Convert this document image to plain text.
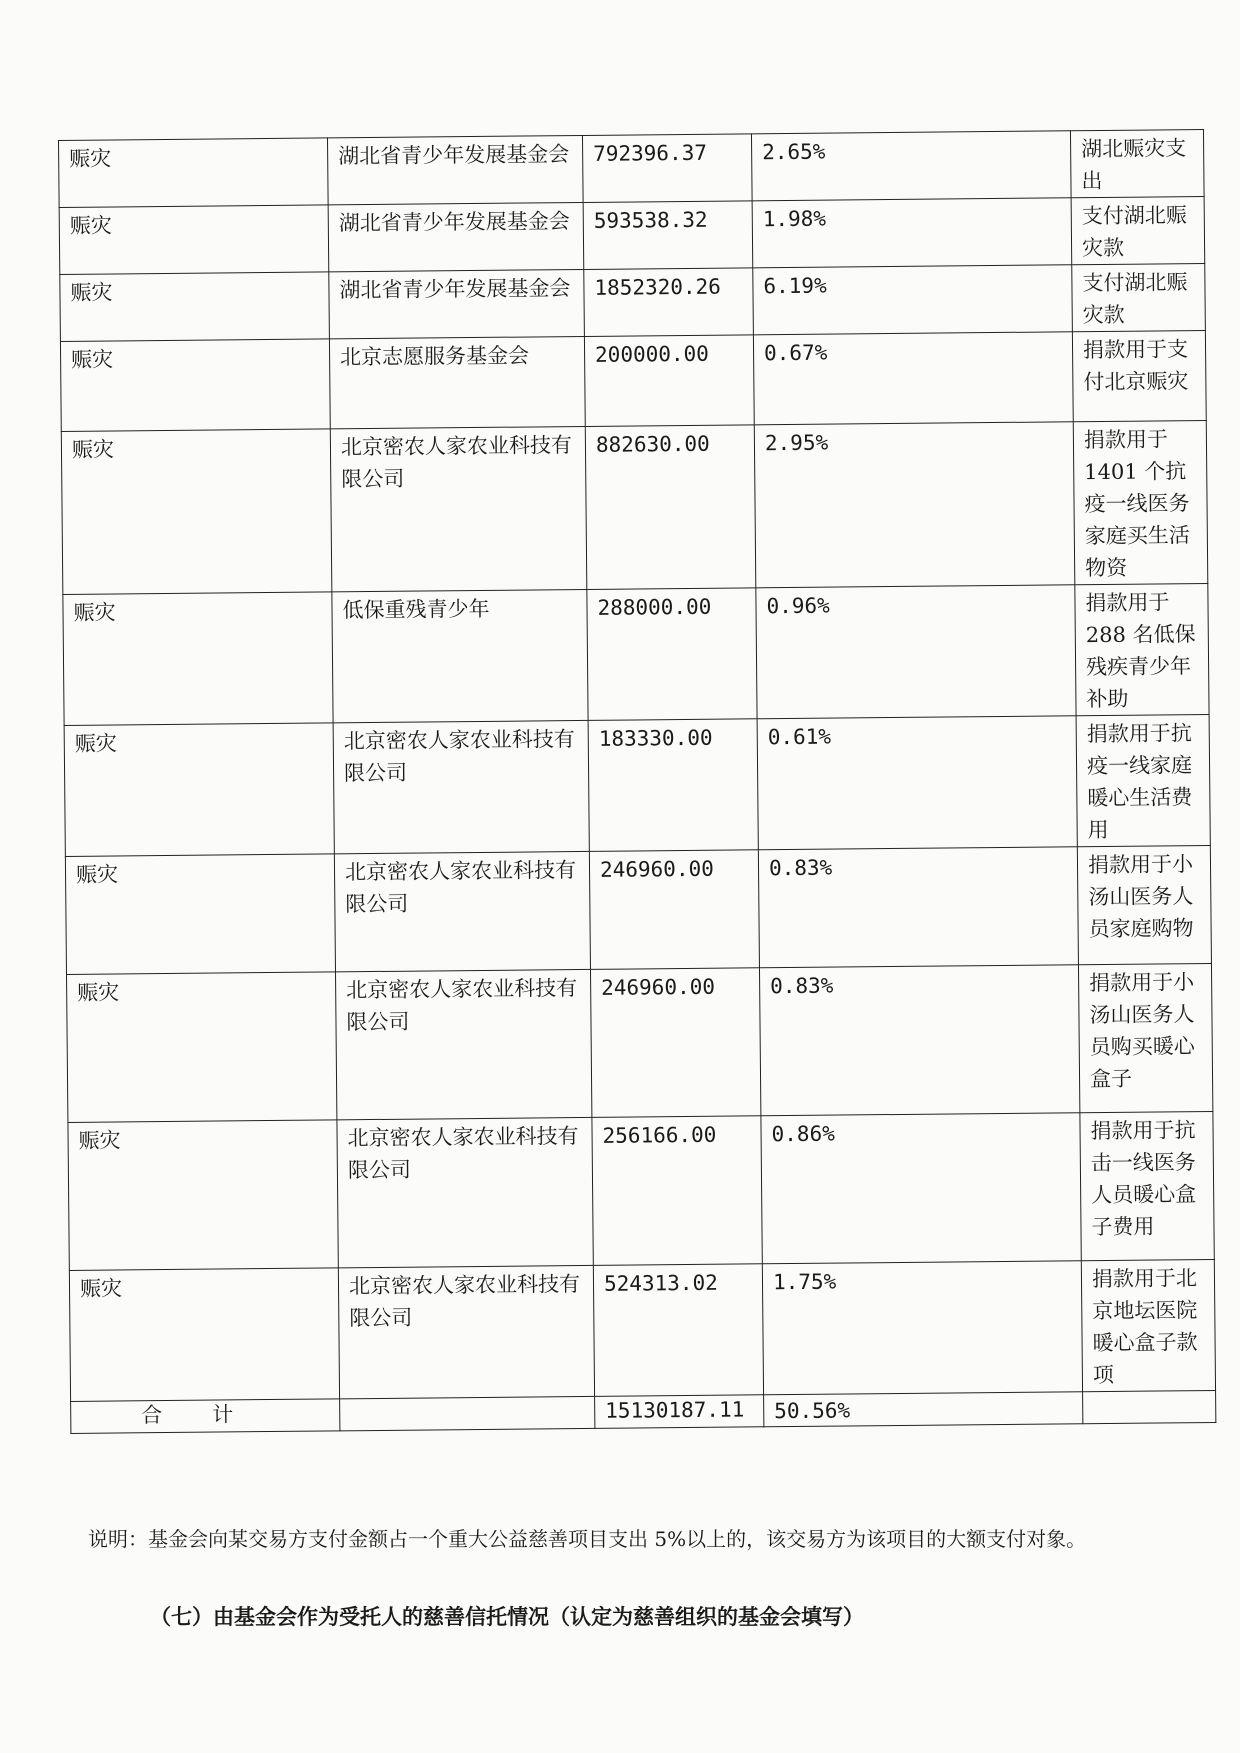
赈灾	湖北省青少年发展基金会	792396.37	2.65%	湖北赈灾支出
赈灾	湖北省青少年发展基金会	593538.32	1.98%	支付湖北赈灾款
赈灾	湖北省青少年发展基金会	1852320.26	6.19%	支付湖北赈灾款
赈灾	北京志愿服务基金会	200000.00	0.67%	捐款用于支付北京赈灾
赈灾	北京密农人家农业科技有限公司	882630.00	2.95%	捐款用于1401 个抗疫一线医务家庭买生活物资
赈灾	低保重残青少年	288000.00	0.96%	捐款用于288 名低保残疾青少年补助
赈灾	北京密农人家农业科技有限公司	183330.00	0.61%	捐款用于抗疫一线家庭暖心生活费用
赈灾	北京密农人家农业科技有限公司	246960.00	0.83%	捐款用于小汤山医务人员家庭购物
赈灾	北京密农人家农业科技有限公司	246960.00	0.83%	捐款用于小汤山医务人员购买暖心盒子
赈灾	北京密农人家农业科技有限公司	256166.00	0.86%	捐款用于抗击一线医务人员暖心盒子费用
赈灾	北京密农人家农业科技有限公司	524313.02	1.75%	捐款用于北京地坛医院暖心盒子款项
合计		15130187.11	50.56%	
说明：基金会向某交易方支付金额占一个重大公益慈善项目支出 5%以上的，该交易方为该项目的大额支付对象。
（七）由基金会作为受托人的慈善信托情况（认定为慈善组织的基金会填写）
